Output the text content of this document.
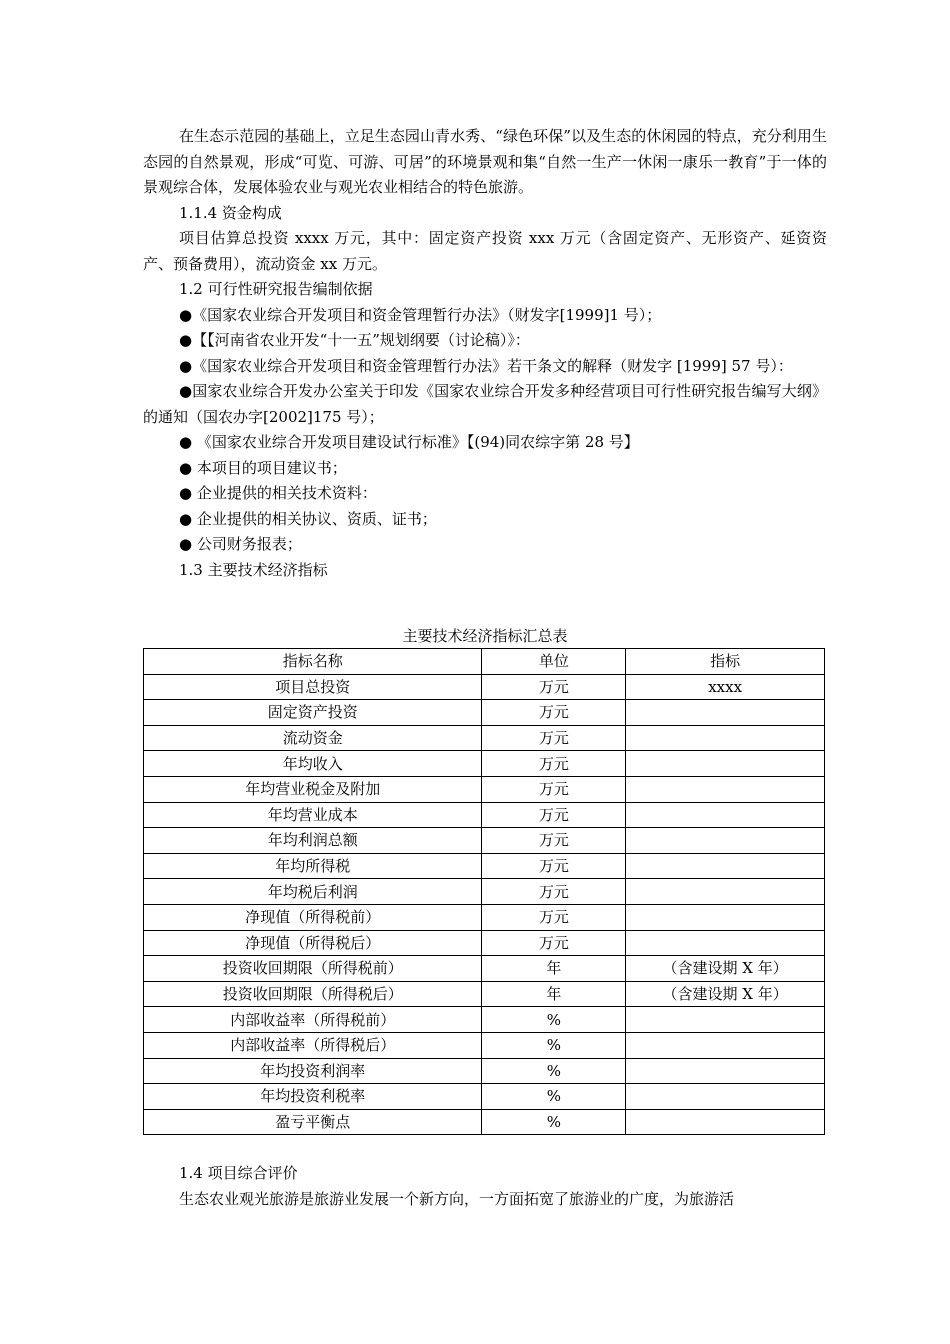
在生态示范园的基础上，立足生态园山青水秀、“绿色环保”以及生态的休闲园的特点，充分利用生态园的自然景观，形成“可览、可游、可居”的环境景观和集“自然一生产一休闲一康乐一教育”于一体的景观综合体，发展体验农业与观光农业相结合的特色旅游。

1.1.4 资金构成

项目估算总投资 xxxx 万元，其中：固定资产投资 xxx 万元（含固定资产、无形资产、延资资产、预备费用），流动资金 xx 万元。

1.2 可行性研究报告编制依据

●《国家农业综合开发项目和资金管理暂行办法》（财发字[1999]1 号）；
●【【河南省农业开发“十一五”规划纲要（讨论稿）》：
●《国家农业综合开发项目和资金管理暂行办法》若干条文的解释（财发字 [1999] 57 号）：
●国家农业综合开发办公室关于印发《国家农业综合开发多种经营项目可行性研究报告编写大纲》的通知（国农办字[2002]175 号）；
● 《国家农业综合开发项目建设试行标准》【(94)同农综字第 28 号】
● 本项目的项目建议书；
● 企业提供的相关技术资料：
● 企业提供的相关协议、资质、证书；
● 公司财务报表；

1.3 主要技术经济指标

主要技术经济指标汇总表
指标名称	单位	指标
项目总投资	万元	xxxx
固定资产投资	万元	
流动资金	万元	
年均收入	万元	
年均营业税金及附加	万元	
年均营业成本	万元	
年均利润总额	万元	
年均所得税	万元	
年均税后利润	万元	
净现值（所得税前）	万元	
净现值（所得税后）	万元	
投资收回期限（所得税前）	年	（含建设期 X 年）
投资收回期限（所得税后）	年	（含建设期 X 年）
内部收益率（所得税前）	%	
内部收益率（所得税后）	%	
年均投资利润率	%	
年均投资利税率	%	
盈亏平衡点	%	

1.4 项目综合评价

生态农业观光旅游是旅游业发展一个新方向，一方面拓宽了旅游业的广度，为旅游活
